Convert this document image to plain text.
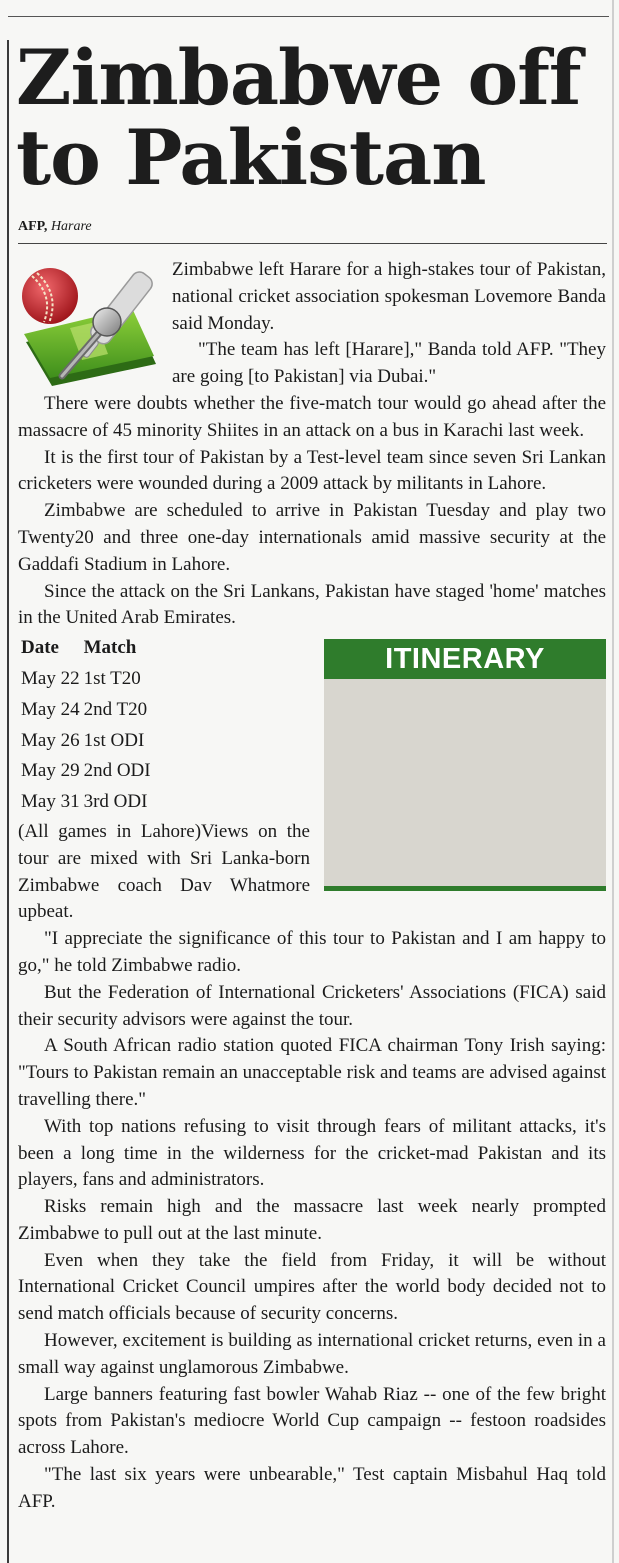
Zimbabwe off to Pakistan
AFP, Harare

Zimbabwe left Harare for a high-stakes tour of Pakistan, national cricket association spokesman Lovemore Banda said Monday.

"The team has left [Harare]," Banda told AFP. "They are going [to Pakistan] via Dubai."

There were doubts whether the five-match tour would go ahead after the massacre of 45 minority Shiites in an attack on a bus in Karachi last week.

It is the first tour of Pakistan by a Test-level team since seven Sri Lankan cricketers were wounded during a 2009 attack by militants in Lahore.

Zimbabwe are scheduled to arrive in Pakistan Tuesday and play two Twenty20 and three one-day internationals amid massive security at the Gaddafi Stadium in Lahore.

Since the attack on the Sri Lankans, Pakistan have staged 'home' matches in the United Arab Emirates.

ITINERARY

Date	Match
May 22	1st T20
May 24	2nd T20
May 26	1st ODI
May 29	2nd ODI
May 31	3rd ODI
(All games in Lahore)Views on the tour are mixed with Sri Lanka-born Zimbabwe coach Dav Whatmore upbeat.

"I appreciate the significance of this tour to Pakistan and I am happy to go," he told Zimbabwe radio.

But the Federation of International Cricketers' Associations (FICA) said their security advisors were against the tour.

A South African radio station quoted FICA chairman Tony Irish saying: "Tours to Pakistan remain an unacceptable risk and teams are advised against travelling there."

With top nations refusing to visit through fears of militant attacks, it's been a long time in the wilderness for the cricket-mad Pakistan and its players, fans and administrators.

Risks remain high and the massacre last week nearly prompted Zimbabwe to pull out at the last minute.

Even when they take the field from Friday, it will be without International Cricket Council umpires after the world body decided not to send match officials because of security concerns.

However, excitement is building as international cricket returns, even in a small way against unglamorous Zimbabwe.

Large banners featuring fast bowler Wahab Riaz -- one of the few bright spots from Pakistan's mediocre World Cup campaign -- festoon roadsides across Lahore.

"The last six years were unbearable," Test captain Misbahul Haq told AFP.
